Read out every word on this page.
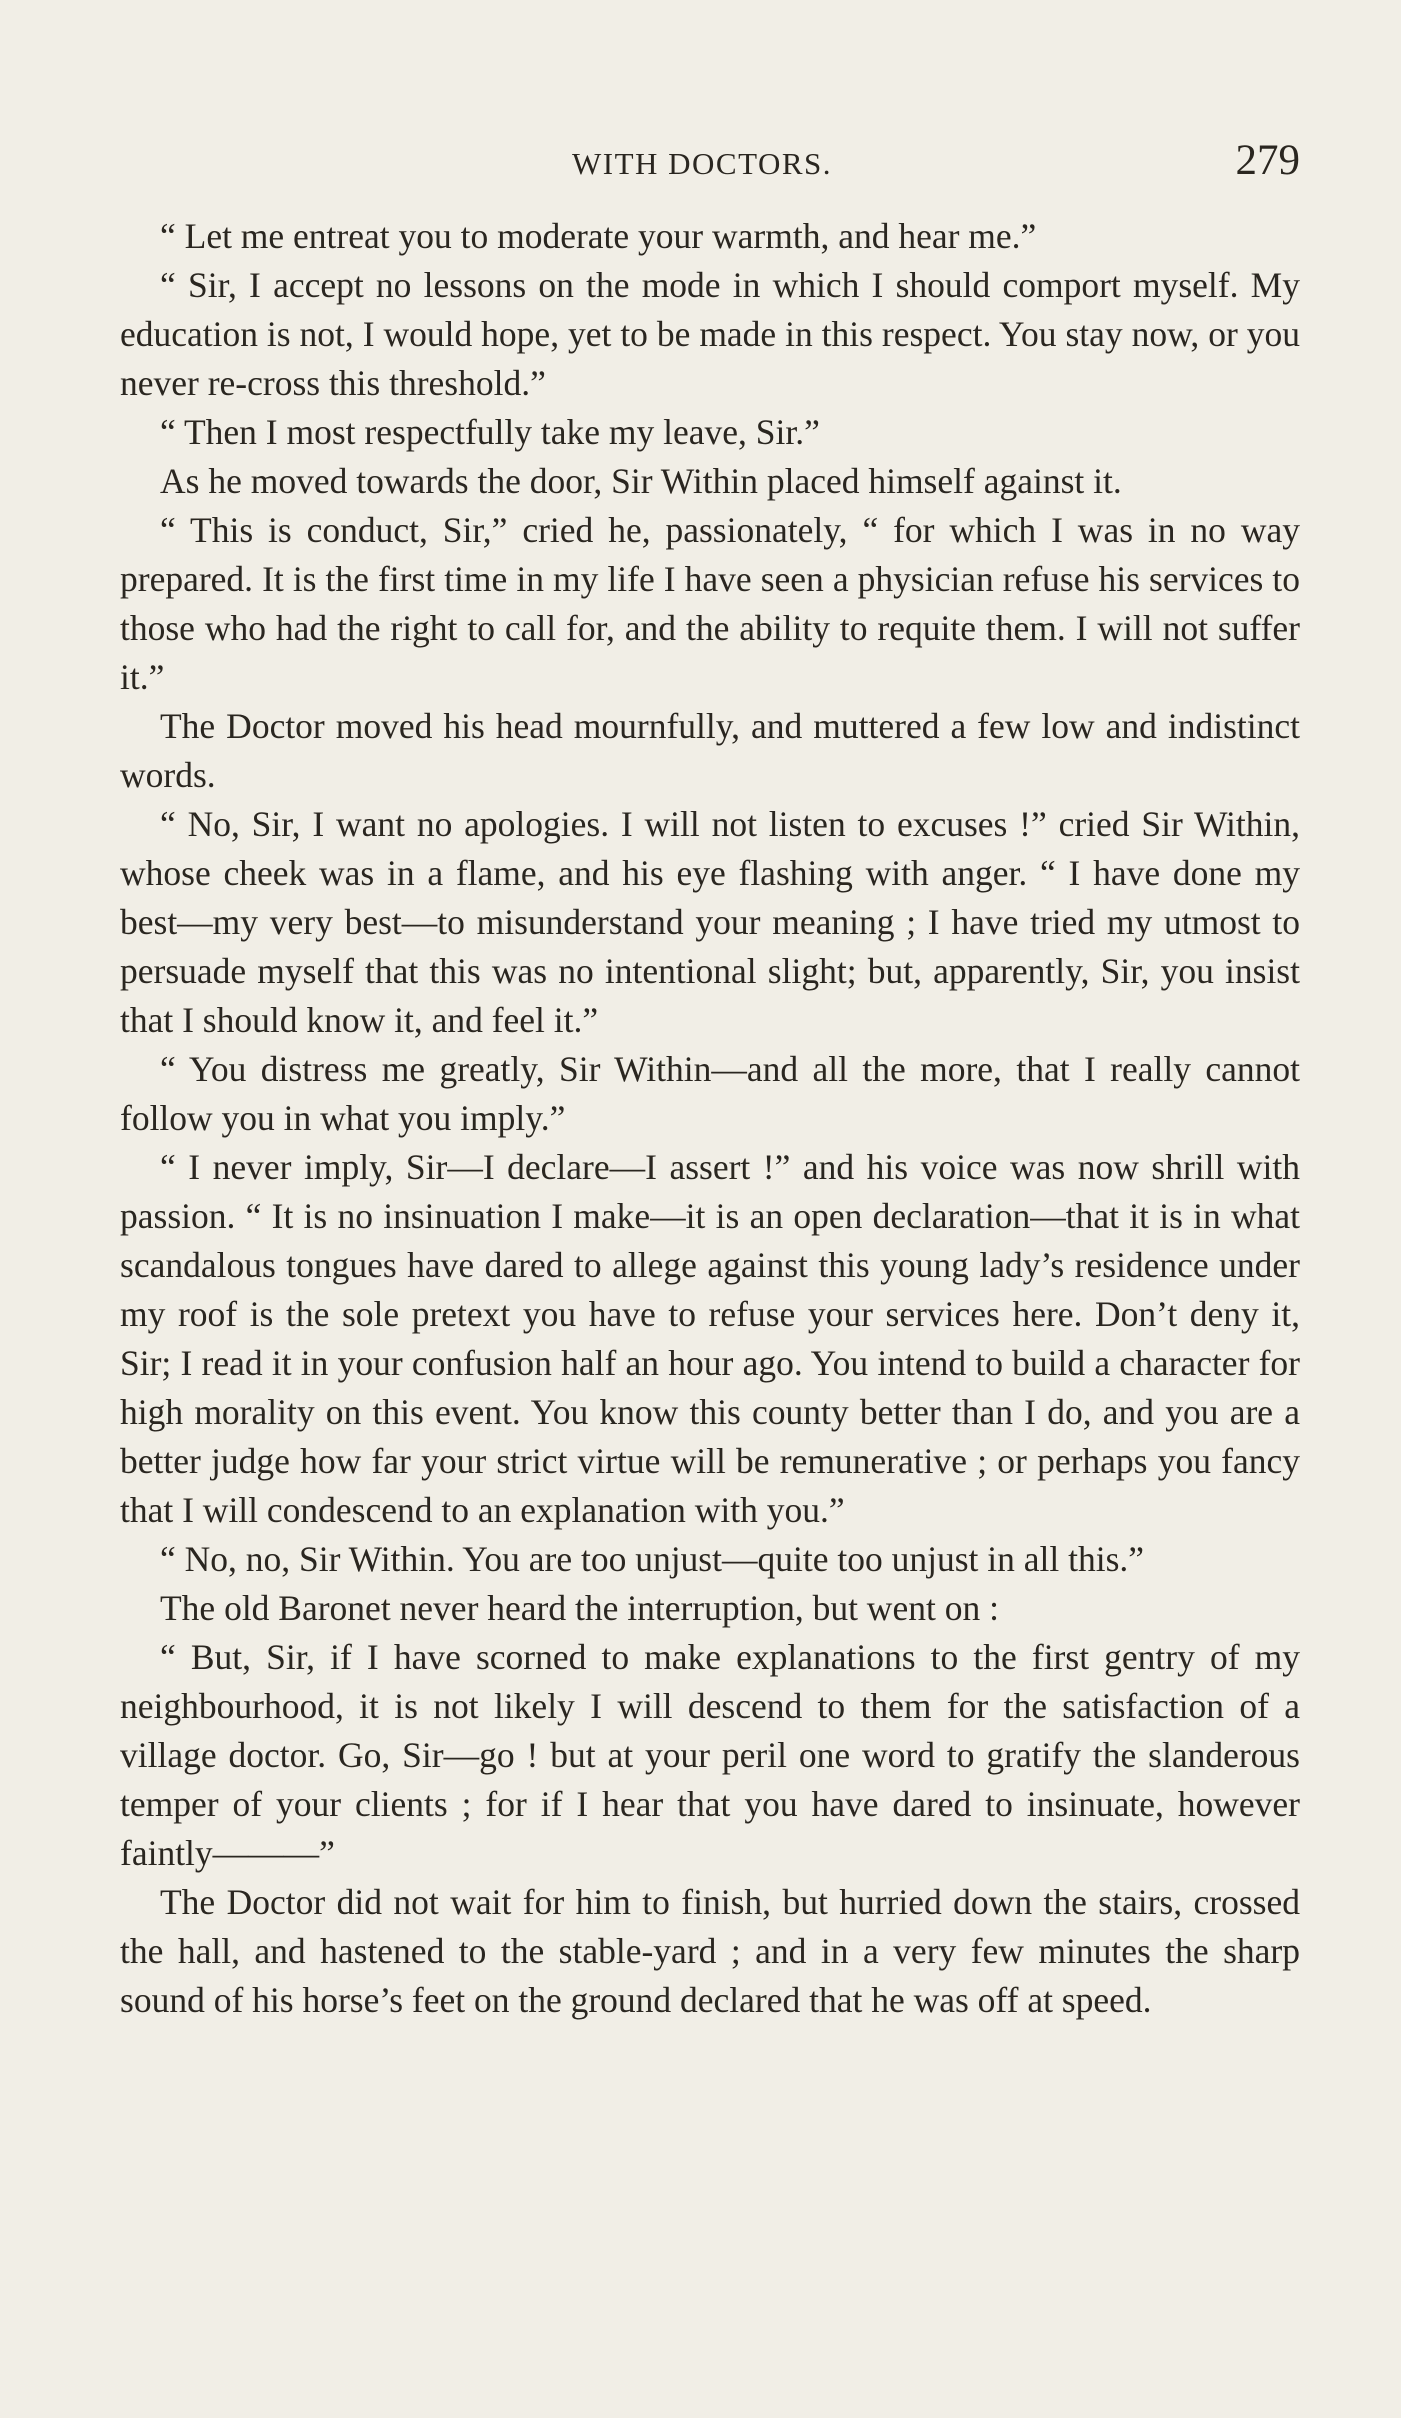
WITH DOCTORS.	279

“ Let me entreat you to moderate your warmth, and hear me.”

“ Sir, I accept no lessons on the mode in which I should comport myself. My education is not, I would hope, yet to be made in this respect. You stay now, or you never re-cross this threshold.”

“ Then I most respectfully take my leave, Sir.”

As he moved towards the door, Sir Within placed himself against it.

“ This is conduct, Sir,” cried he, passionately, “ for which I was in no way prepared. It is the first time in my life I have seen a physician refuse his services to those who had the right to call for, and the ability to requite them. I will not suffer it.”

The Doctor moved his head mournfully, and muttered a few low and indistinct words.

“ No, Sir, I want no apologies. I will not listen to excuses !” cried Sir Within, whose cheek was in a flame, and his eye flashing with anger. “ I have done my best—my very best—to misunderstand your meaning ; I have tried my utmost to persuade myself that this was no intentional slight; but, apparently, Sir, you insist that I should know it, and feel it.”

“ You distress me greatly, Sir Within—and all the more, that I really cannot follow you in what you imply.”

“ I never imply, Sir—I declare—I assert !” and his voice was now shrill with passion. “ It is no insinuation I make—it is an open declaration—that it is in what scandalous tongues have dared to allege against this young lady’s residence under my roof is the sole pretext you have to refuse your services here. Don’t deny it, Sir; I read it in your confusion half an hour ago. You intend to build a character for high morality on this event. You know this county better than I do, and you are a better judge how far your strict virtue will be remunerative ; or perhaps you fancy that I will condescend to an explanation with you.”

“ No, no, Sir Within. You are too unjust—quite too unjust in all this.”

The old Baronet never heard the interruption, but went on :

“ But, Sir, if I have scorned to make explanations to the first gentry of my neighbourhood, it is not likely I will descend to them for the satisfaction of a village doctor. Go, Sir—go ! but at your peril one word to gratify the slanderous temper of your clients ; for if I hear that you have dared to insinuate, however faintly———”

The Doctor did not wait for him to finish, but hurried down the stairs, crossed the hall, and hastened to the stable-yard ; and in a very few minutes the sharp sound of his horse’s feet on the ground declared that he was off at speed.
